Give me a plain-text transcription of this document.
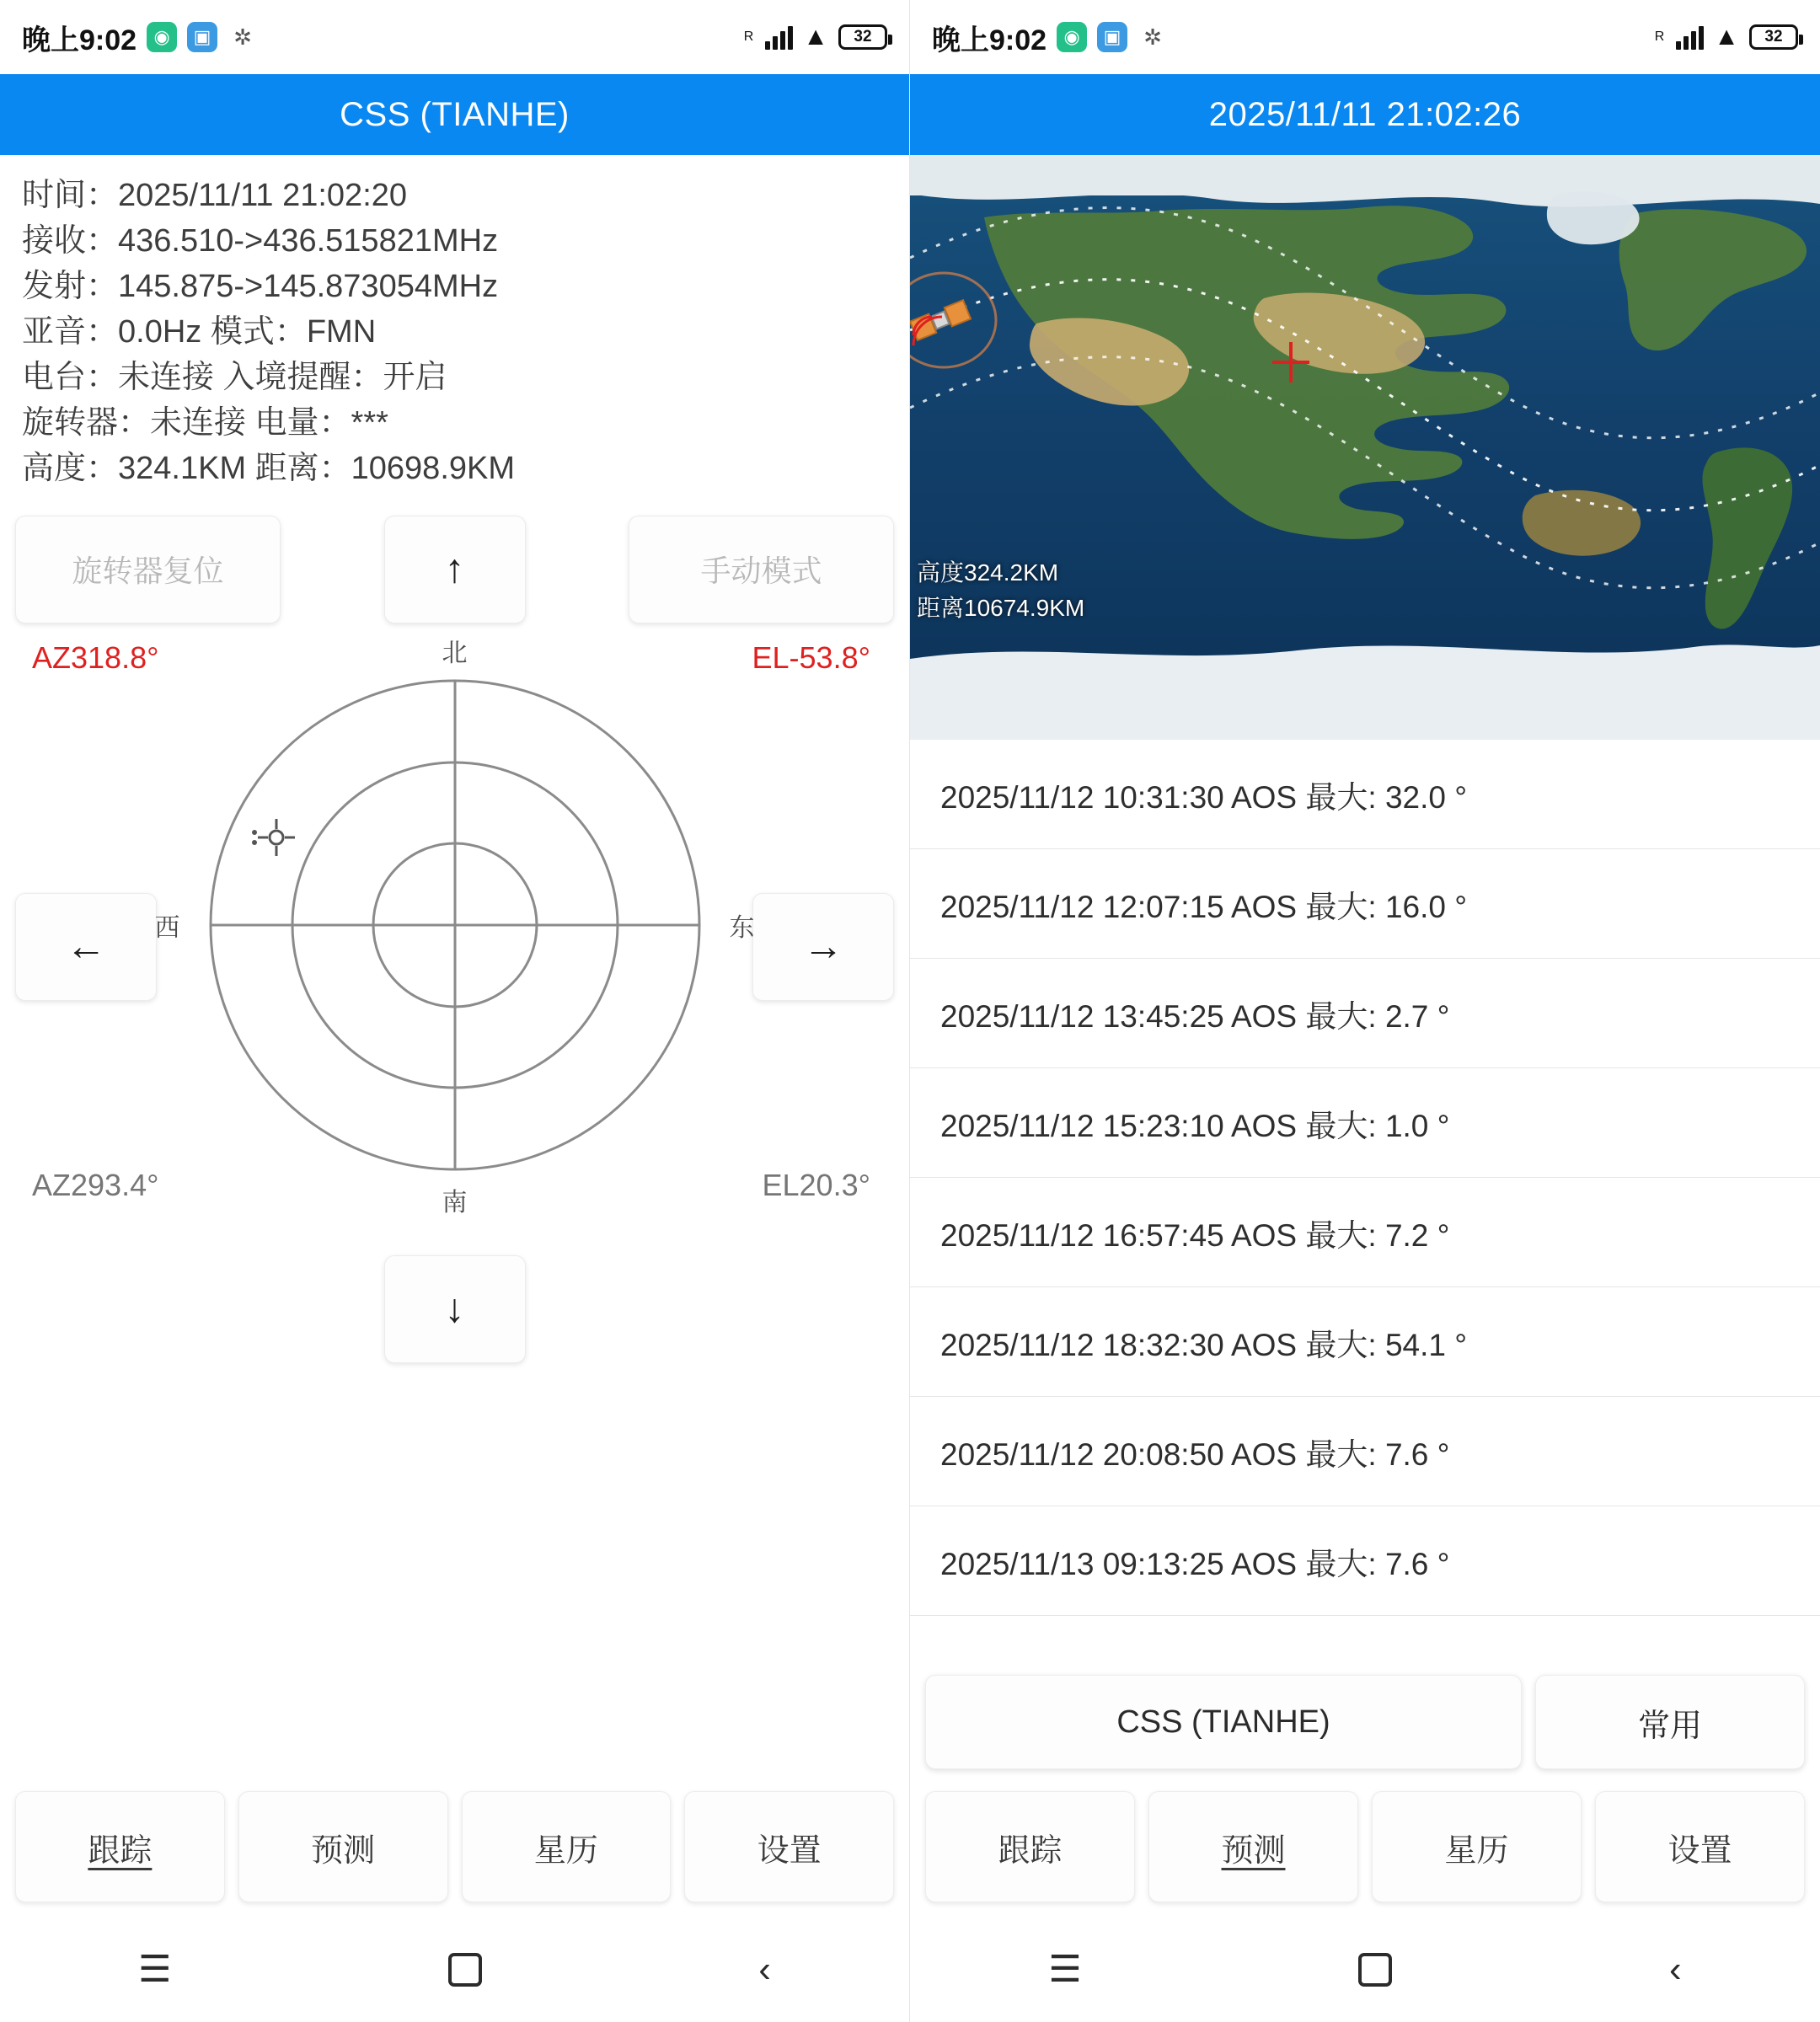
晚上9:02 ◉	▣ ✲	R ▲	32
CSS (TIANHE)
时间：2025/11/11 21:02:20
接收：436.510->436.515821MHz
发射：145.875->145.873054MHz
亚音：0.0Hz 模式：FMN
电台：未连接 入境提醒：开启
旋转器：未连接 电量：***
高度：324.1KM 距离：10698.9KM
旋转器复位	↑	手动模式
AZ318.8°	EL-53.8°
AZ293.4°	EL20.3°
←	→
↓
北
南
西	东
跟踪	预测	星历	设置
☰	‹
晚上9:02 ◉	▣ ✲	R ▲	32
2025/11/11 21:02:26
高度324.2KM
距离10674.9KM
2025/11/12 10:31:30 AOS 最大: 32.0 °
2025/11/12 12:07:15 AOS 最大: 16.0 °
2025/11/12 13:45:25 AOS 最大: 2.7 °
2025/11/12 15:23:10 AOS 最大: 1.0 °
2025/11/12 16:57:45 AOS 最大: 7.2 °
2025/11/12 18:32:30 AOS 最大: 54.1 °
2025/11/12 20:08:50 AOS 最大: 7.6 °
2025/11/13 09:13:25 AOS 最大: 7.6 °
CSS (TIANHE)	常用
跟踪	预测	星历	设置
☰	‹
